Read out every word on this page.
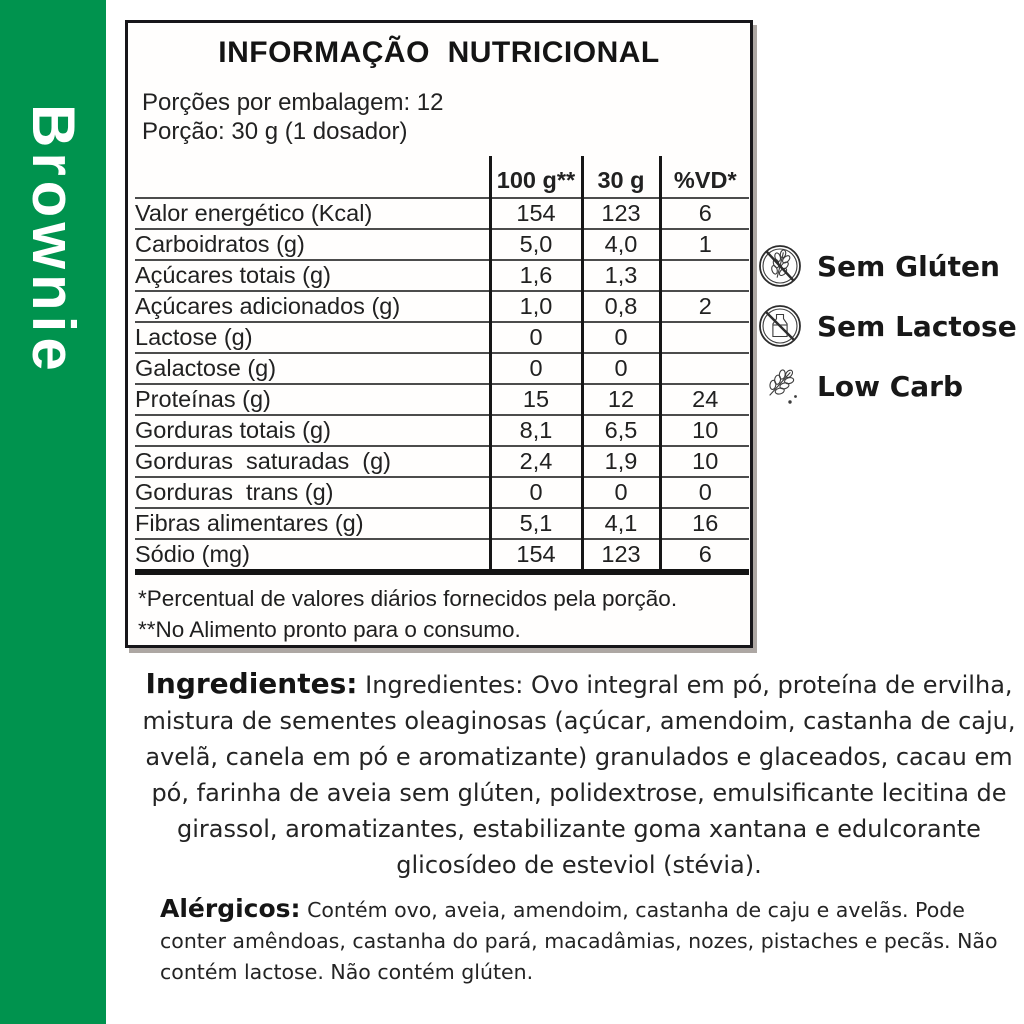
Brownie
INFORMAÇÃO  NUTRICIONAL
Porções por embalagem: 12
Porção: 30 g (1 dosador)
	100 g**	30 g	%VD*
Valor energético (Kcal)	154	123	6
Carboidratos (g)	5,0	4,0	1
Açúcares totais (g)	1,6	1,3	
Açúcares adicionados (g)	1,0	0,8	2
Lactose (g)	0	0	
Galactose (g)	0	0	
Proteínas (g)	15	12	24
Gorduras totais (g)	8,1	6,5	10
Gorduras  saturadas  (g)	2,4	1,9	10
Gorduras  trans (g)	0	0	0
Fibras alimentares (g)	5,1	4,1	16
Sódio (mg)	154	123	6
*Percentual de valores diários fornecidos pela porção.
**No Alimento pronto para o consumo.
Sem Glúten
Sem Lactose
Low Carb
Ingredientes: Ingredientes: Ovo integral em pó, proteína de ervilha, mistura de sementes oleaginosas (açúcar, amendoim, castanha de caju, avelã, canela em pó e aromatizante) granulados e glaceados, cacau em pó, farinha de aveia sem glúten, polidextrose, emulsificante lecitina de girassol, aromatizantes, estabilizante goma xantana e edulcorante glicosídeo de esteviol (stévia).
Alérgicos: Contém ovo, aveia, amendoim, castanha de caju e avelãs. Pode conter amêndoas, castanha do pará, macadâmias, nozes, pistaches e pecãs. Não contém lactose. Não contém glúten.
